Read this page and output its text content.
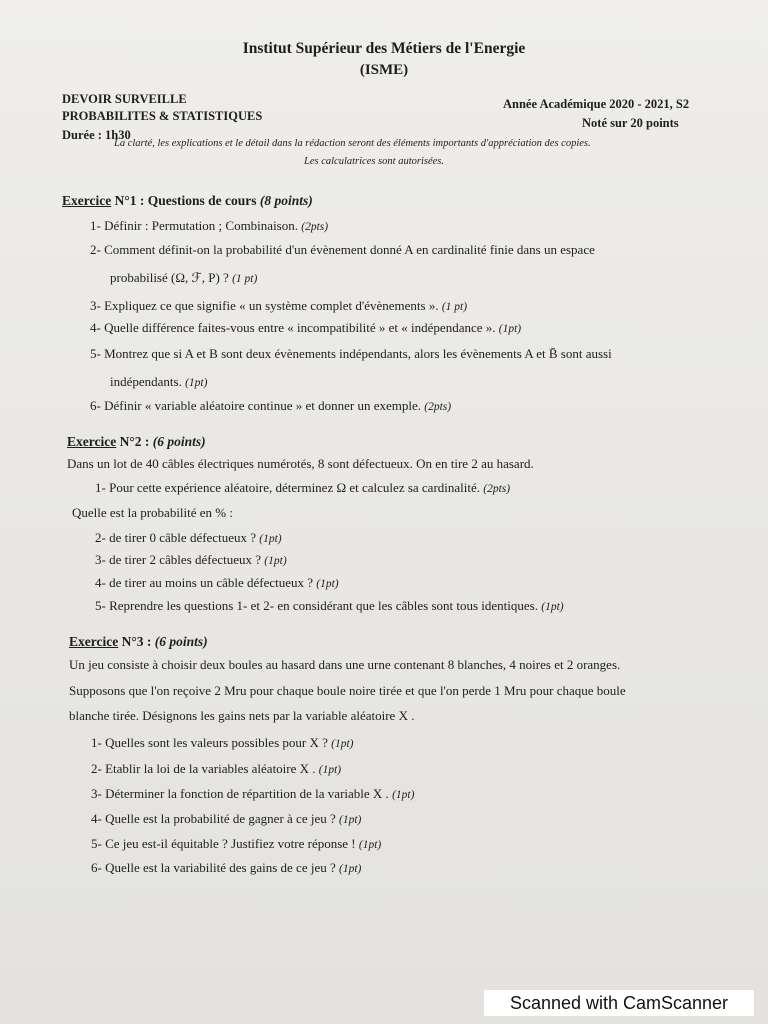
Institut Supérieur des Métiers de l'Energie
(ISME)
DEVOIR SURVEILLE
PROBABILITES & STATISTIQUES
Durée : 1h30
Année Académique 2020 - 2021, S2
Noté sur 20 points
La clarté, les explications et le détail dans la rédaction seront des éléments importants d'appréciation des copies.
Les calculatrices sont autorisées.
Exercice N°1 : Questions de cours (8 points)
1- Définir : Permutation ; Combinaison. (2pts)
2- Comment définit-on la probabilité d'un évènement donné A en cardinalité finie dans un espace
probabilisé (Ω, ℱ, P) ? (1 pt)
3- Expliquez ce que signifie « un système complet d'évènements ». (1 pt)
4- Quelle différence faites-vous entre « incompatibilité » et « indépendance ». (1pt)
5- Montrez que si A et B sont deux évènements indépendants, alors les évènements A et B̄ sont aussi
indépendants. (1pt)
6- Définir « variable aléatoire continue » et donner un exemple. (2pts)
Exercice N°2 : (6 points)
Dans un lot de 40 câbles électriques numérotés, 8 sont défectueux. On en tire 2 au hasard.
1- Pour cette expérience aléatoire, déterminez Ω et calculez sa cardinalité. (2pts)
Quelle est la probabilité en % :
2- de tirer 0 câble défectueux ? (1pt)
3- de tirer 2 câbles défectueux ? (1pt)
4- de tirer au moins un câble défectueux ? (1pt)
5- Reprendre les questions 1- et 2- en considérant que les câbles sont tous identiques. (1pt)
Exercice N°3 : (6 points)
Un jeu consiste à choisir deux boules au hasard dans une urne contenant 8 blanches, 4 noires et 2 oranges.
Supposons que l'on reçoive 2 Mru pour chaque boule noire tirée et que l'on perde 1 Mru pour chaque boule
blanche tirée. Désignons les gains nets par la variable aléatoire X .
1- Quelles sont les valeurs possibles pour X ? (1pt)
2- Etablir la loi de la variables aléatoire X . (1pt)
3- Déterminer la fonction de répartition de la variable X . (1pt)
4- Quelle est la probabilité de gagner à ce jeu ? (1pt)
5- Ce jeu est-il équitable ? Justifiez votre réponse ! (1pt)
6- Quelle est la variabilité des gains de ce jeu ? (1pt)
Scanned with CamScanner
